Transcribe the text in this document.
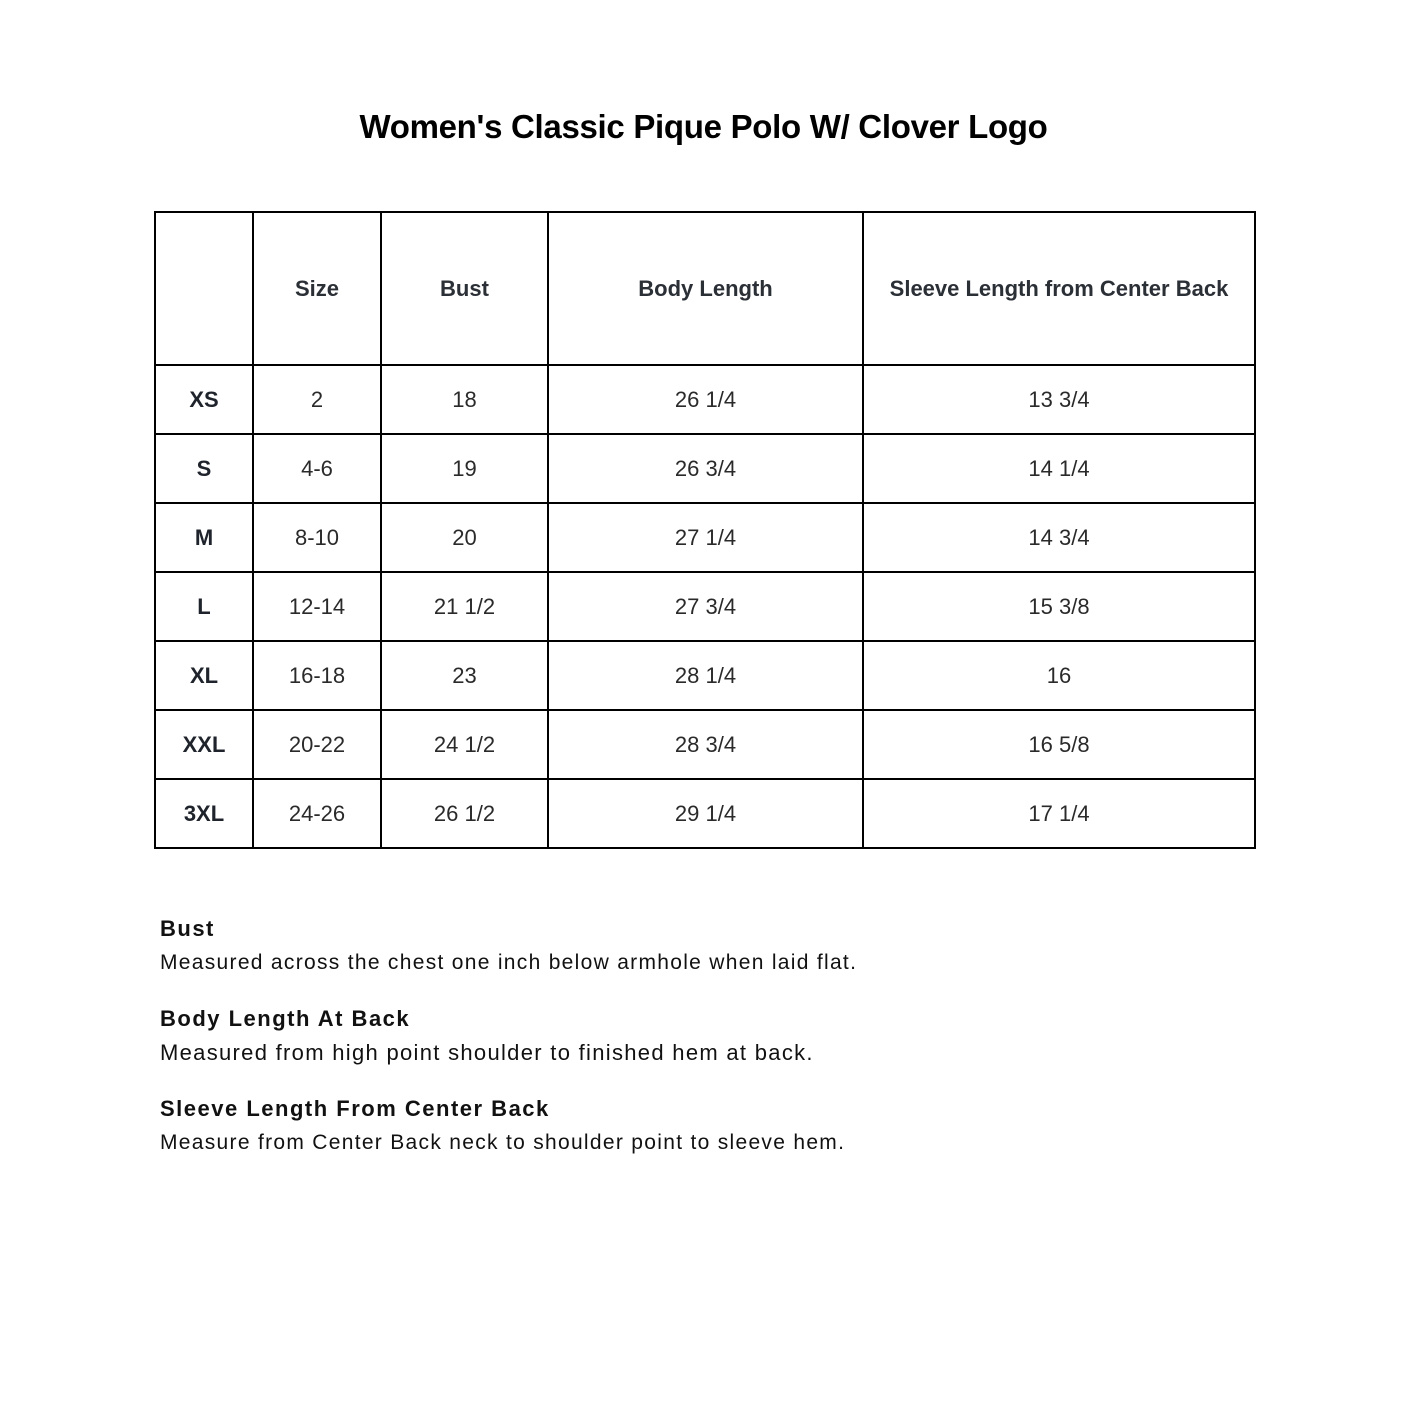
Women's Classic Pique Polo W/ Clover Logo
	Size	Bust	Body Length	Sleeve Length from Center Back
XS	2	18	26 1/4	13 3/4
S	4-6	19	26 3/4	14 1/4
M	8-10	20	27 1/4	14 3/4
L	12-14	21 1/2	27 3/4	15 3/8
XL	16-18	23	28 1/4	16
XXL	20-22	24 1/2	28 3/4	16 5/8
3XL	24-26	26 1/2	29 1/4	17 1/4
Bust
Measured across the chest one inch below armhole when laid flat.
Body Length At Back
Measured from high point shoulder to finished hem at back.
Sleeve Length From Center Back
Measure from Center Back neck to shoulder point to sleeve hem.
